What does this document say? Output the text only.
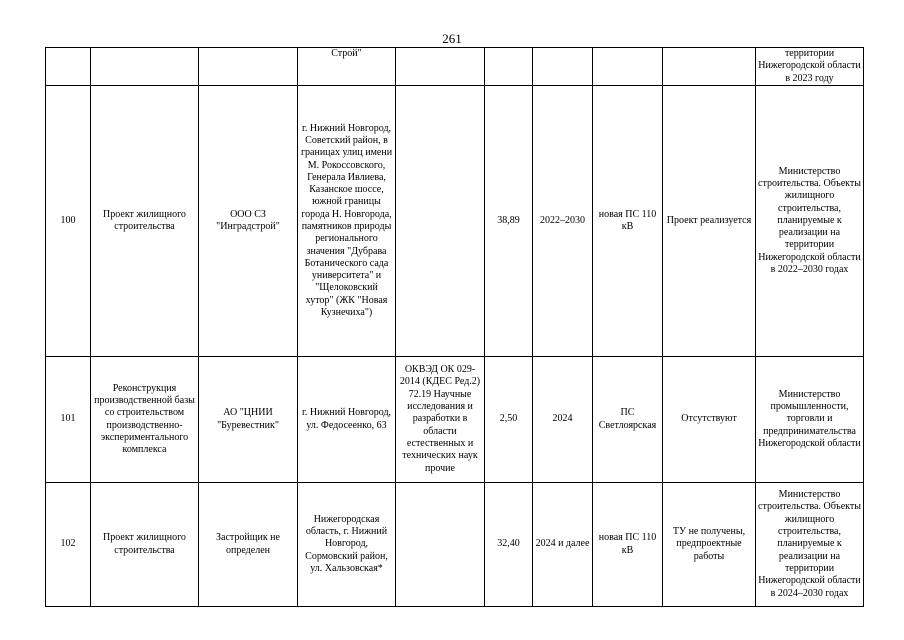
261
			Строй"						территории Нижегородской области в 2023 году
100	Проект жилищного строительства	ООО СЗ "Инградстрой"	г. Нижний Новгород, Советский район, в границах улиц имени М. Рокоссовского, Генерала Ивлиева, Казанское шоссе, южной границы города Н. Новгорода, памятников природы регионального значения "Дубрава Ботанического сада университета" и "Щелоковский хутор" (ЖК "Новая Кузнечиха")		38,89	2022–2030	новая ПС 110 кВ	Проект реализуется	Министерство строительства. Объекты жилищного строительства, планируемые к реализации на территории Нижегородской области в 2022–2030 годах
101	Реконструкция производственной базы со строительством производственно-экспериментального комплекса	АО "ЦНИИ "Буревестник"	г. Нижний Новгород, ул. Федосеенко, 63	ОКВЭД ОК 029-2014 (КДЕС Ред.2) 72.19 Научные исследования и разработки в области естественных и технических наук прочие	2,50	2024	ПС Светлоярская	Отсутствуют	Министерство промышленности, торговли и предпринимательства Нижегородской области
102	Проект жилищного строительства	Застройщик не определен	Нижегородская область, г. Нижний Новгород, Сормовский район, ул. Хальзовская*		32,40	2024 и далее	новая ПС 110 кВ	ТУ не получены, предпроектные работы	Министерство строительства. Объекты жилищного строительства, планируемые к реализации на территории Нижегородской области в 2024–2030 годах
